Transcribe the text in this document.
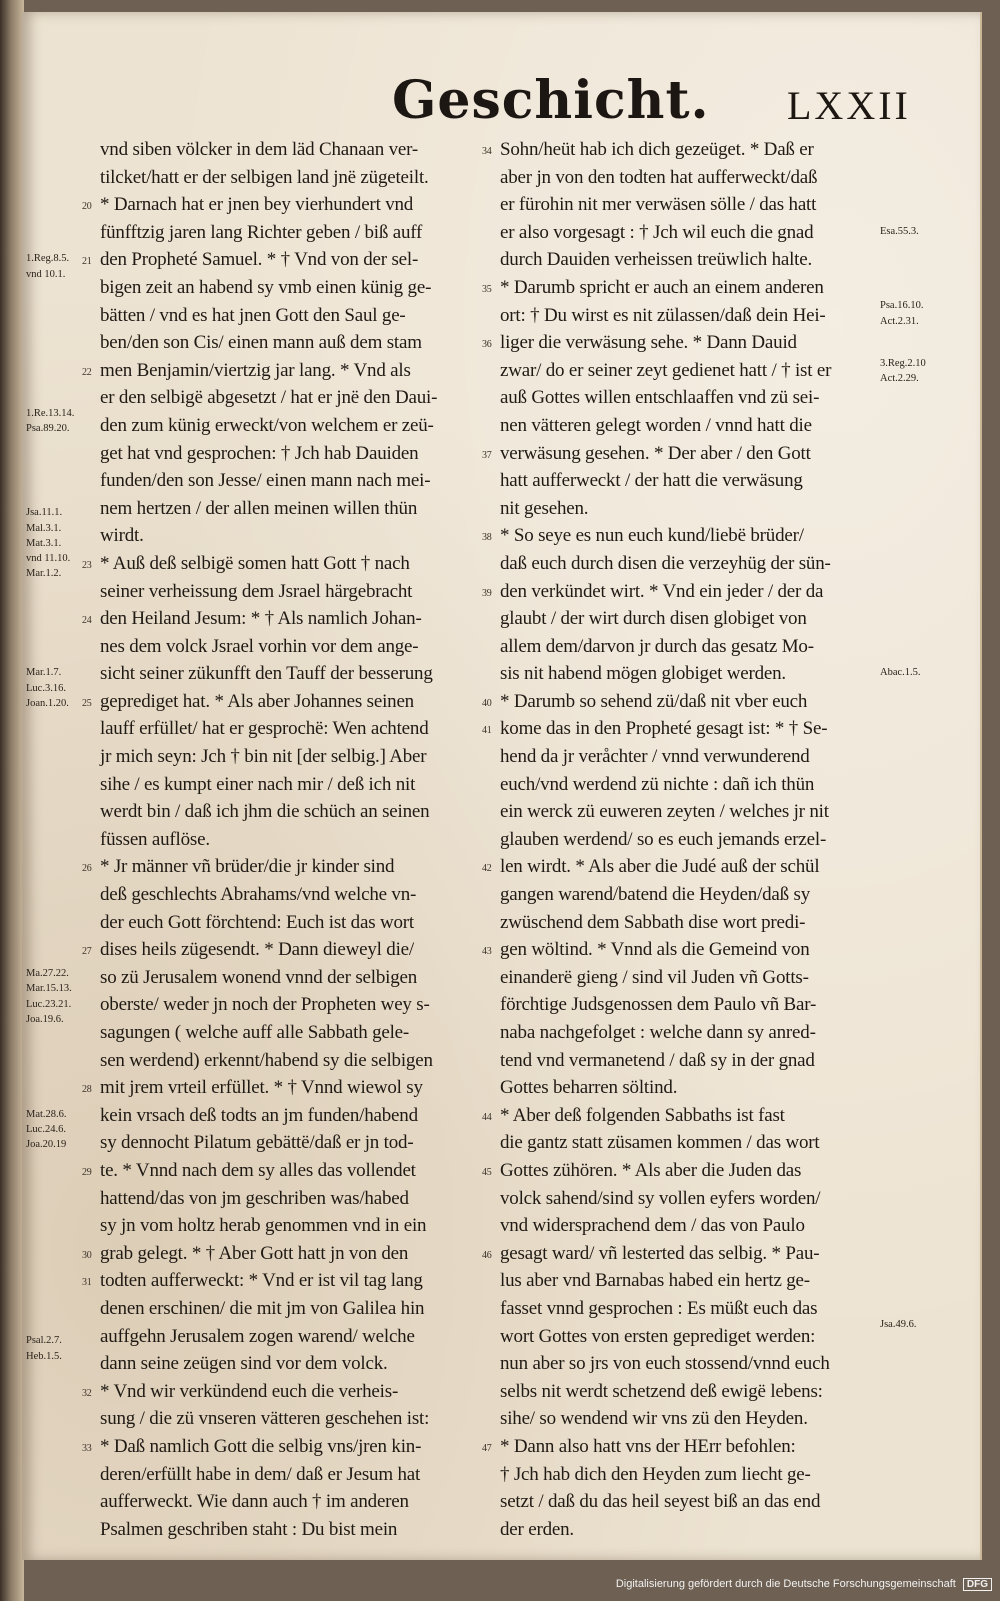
Geschicht. LXXII
vnd siben völcker in dem läd Chanaan ver-
tilcket/hatt er der selbigen land jnë zügeteilt.
20 * Darnach hat er jnen bey vierhundert vnd
fünfftzig jaren lang Richter geben / biß auff
21 den Propheté Samuel. * † Vnd von der sel-
bigen zeit an habend sy vmb einen künig ge-
bätten / vnd es hat jnen Gott den Saul ge-
ben/den son Cis/ einen mann auß dem stam
22 men Benjamin/viertzig jar lang. * Vnd als
er den selbigë abgesetzt / hat er jnë den Daui-
den zum künig erweckt/von welchem er zeü-
get hat vnd gesprochen: † Jch hab Dauiden
funden/den son Jesse/ einen mann nach mei-
nem hertzen / der allen meinen willen thün
wirdt.
23 * Auß deß selbigë somen hatt Gott † nach
seiner verheissung dem Jsrael härgebracht
24 den Heiland Jesum: * † Als namlich Johan-
nes dem volck Jsrael vorhin vor dem ange-
sicht seiner zükunfft den Tauff der besserung
25 geprediget hat. * Als aber Johannes seinen
lauff erfüllet/ hat er gesprochë: Wen achtend
jr mich seyn: Jch † bin nit [der selbig.] Aber
sihe / es kumpt einer nach mir / deß ich nit
werdt bin / daß ich jhm die schüch an seinen
füssen auflöse.
26 * Jr männer vñ brüder/die jr kinder sind
deß geschlechts Abrahams/vnd welche vn-
der euch Gott förchtend: Euch ist das wort
27 dises heils zügesendt. * Dann dieweyl die/
so zü Jerusalem wonend vnnd der selbigen
oberste/ weder jn noch der Propheten wey s-
sagungen ( welche auff alle Sabbath gele-
sen werdend) erkennt/habend sy die selbigen
28 mit jrem vrteil erfüllet. * † Vnnd wiewol sy
kein vrsach deß todts an jm funden/habend
sy dennocht Pilatum gebättë/daß er jn tod-
29 te. * Vnnd nach dem sy alles das vollendet
hattend/das von jm geschriben was/habed
sy jn vom holtz herab genommen vnd in ein
30 grab gelegt. * † Aber Gott hatt jn von den
31 todten aufferweckt: * Vnd er ist vil tag lang
denen erschinen/ die mit jm von Galilea hin
auffgehn Jerusalem zogen warend/ welche
dann seine zeügen sind vor dem volck.
32 * Vnd wir verkündend euch die verheis-
sung / die zü vnseren vätteren geschehen ist:
33 * Daß namlich Gott die selbig vns/jren kin-
deren/erfüllt habe in dem/ daß er Jesum hat
aufferweckt. Wie dann auch † im anderen
Psalmen geschriben staht : Du bist mein
34 Sohn/heüt hab ich dich gezeüget. * Daß er
aber jn von den todten hat aufferweckt/daß
er fürohin nit mer verwäsen sölle / das hatt
er also vorgesagt : † Jch wil euch die gnad
durch Dauiden verheissen treüwlich halte.
35 * Darumb spricht er auch an einem anderen
ort: † Du wirst es nit zülassen/daß dein Hei-
36 liger die verwäsung sehe. * Dann Dauid
zwar/ do er seiner zeyt gedienet hatt / † ist er
auß Gottes willen entschlaaffen vnd zü sei-
nen vätteren gelegt worden / vnnd hatt die
37 verwäsung gesehen. * Der aber / den Gott
hatt aufferweckt / der hatt die verwäsung
nit gesehen.
38 * So seye es nun euch kund/liebë brüder/
daß euch durch disen die verzeyhüg der sün-
39 den verkündet wirt. * Vnd ein jeder / der da
glaubt / der wirt durch disen globiget von
allem dem/darvon jr durch das gesatz Mo-
sis nit habend mögen globiget werden.
40 * Darumb so sehend zü/daß nit vber euch
41 kome das in den Propheté gesagt ist: * † Se-
hend da jr veråchter / vnnd verwunderend
euch/vnd werdend zü nichte : dañ ich thün
ein werck zü euweren zeyten / welches jr nit
glauben werdend/ so es euch jemands erzel-
42 len wirdt. * Als aber die Judé auß der schül
gangen warend/batend die Heyden/daß sy
zwüschend dem Sabbath dise wort predi-
43 gen wöltind. * Vnnd als die Gemeind von
einanderë gieng / sind vil Juden vñ Gotts-
förchtige Judsgenossen dem Paulo vñ Bar-
naba nachgefolget : welche dann sy anred-
tend vnd vermanetend / daß sy in der gnad
Gottes beharren söltind.
44 * Aber deß folgenden Sabbaths ist fast
die gantz statt züsamen kommen / das wort
45 Gottes zühören. * Als aber die Juden das
volck sahend/sind sy vollen eyfers worden/
vnd widersprachend dem / das von Paulo
46 gesagt ward/ vñ lesterted das selbig. * Pau-
lus aber vnd Barnabas habed ein hertz ge-
fasset vnnd gesprochen : Es müßt euch das
wort Gottes von ersten geprediget werden:
nun aber so jrs von euch stossend/vnnd euch
selbs nit werdt schetzend deß ewigë lebens:
sihe/ so wendend wir vns zü den Heyden.
47 * Dann also hatt vns der HErr befohlen:
† Jch hab dich den Heyden zum liecht ge-
setzt / daß du das heil seyest biß an das end
der erden.
1.Reg.8.5.
vnd 10.1.
1.Re.13.14.
Psa.89.20.
Jsa.11.1.
Mal.3.1.
Mat.3.1.
vnd 11.10.
Mar.1.2.
Mar.1.7.
Luc.3.16.
Joan.1.20.
Ma.27.22.
Mar.15.13.
Luc.23.21.
Joa.19.6.
Mat.28.6.
Luc.24.6.
Joa.20.19
Psal.2.7.
Heb.1.5.
Esa.55.3.
Psa.16.10.
Act.2.31.
3.Reg.2.10
Act.2.29.
Abac.1.5.
Jsa.49.6.
Digitalisierung gefördert durch die Deutsche Forschungsgemeinschaft DFG
